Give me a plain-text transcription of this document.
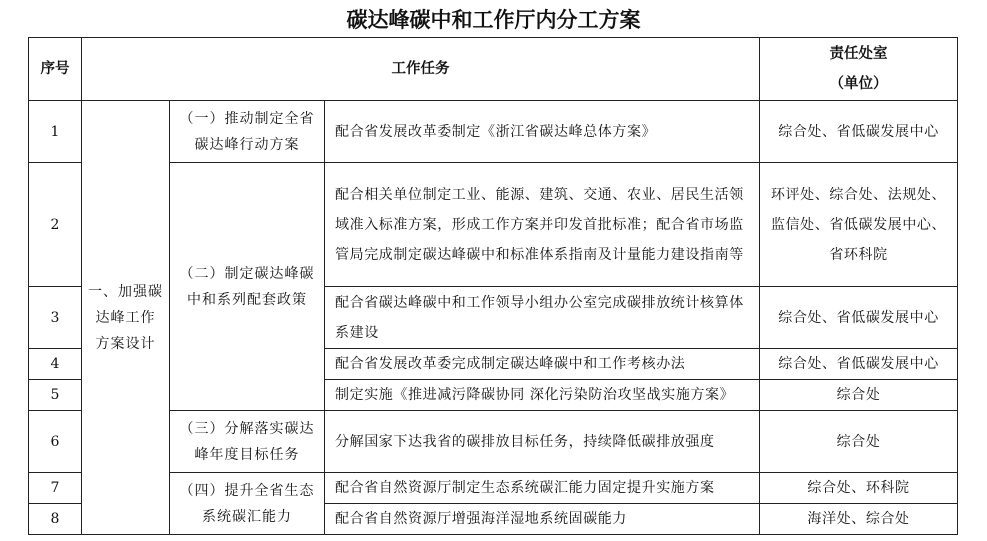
碳达峰碳中和工作厅内分工方案
序号	工作任务			责任处室
（单位）

1	一、加强碳
达峰工作
方案设计	（一）推动制定全省
碳达峰行动方案	配合省发展改革委制定《浙江省碳达峰总体方案》	综合处、省低碳发展中心

2		（二）制定碳达峰碳
中和系列配套政策	配合相关单位制定工业、能源、建筑、交通、农业、居民生活领域准入标准方案，形成工作方案并印发首批标准；配合省市场监管局完成制定碳达峰碳中和标准体系指南及计量能力建设指南等	环评处、综合处、法规处、
监信处、省低碳发展中心、
省环科院

3			配合省碳达峰碳中和工作领导小组办公室完成碳排放统计核算体系建设	综合处、省低碳发展中心

4			配合省发展改革委完成制定碳达峰碳中和工作考核办法	综合处、省低碳发展中心

5			制定实施《推进减污降碳协同 深化污染防治攻坚战实施方案》	综合处

6		（三）分解落实碳达
峰年度目标任务	分解国家下达我省的碳排放目标任务，持续降低碳排放强度	综合处

7		（四）提升全省生态
系统碳汇能力	配合省自然资源厅制定生态系统碳汇能力固定提升实施方案	综合处、环科院

8			配合省自然资源厅增强海洋湿地系统固碳能力	海洋处、综合处
